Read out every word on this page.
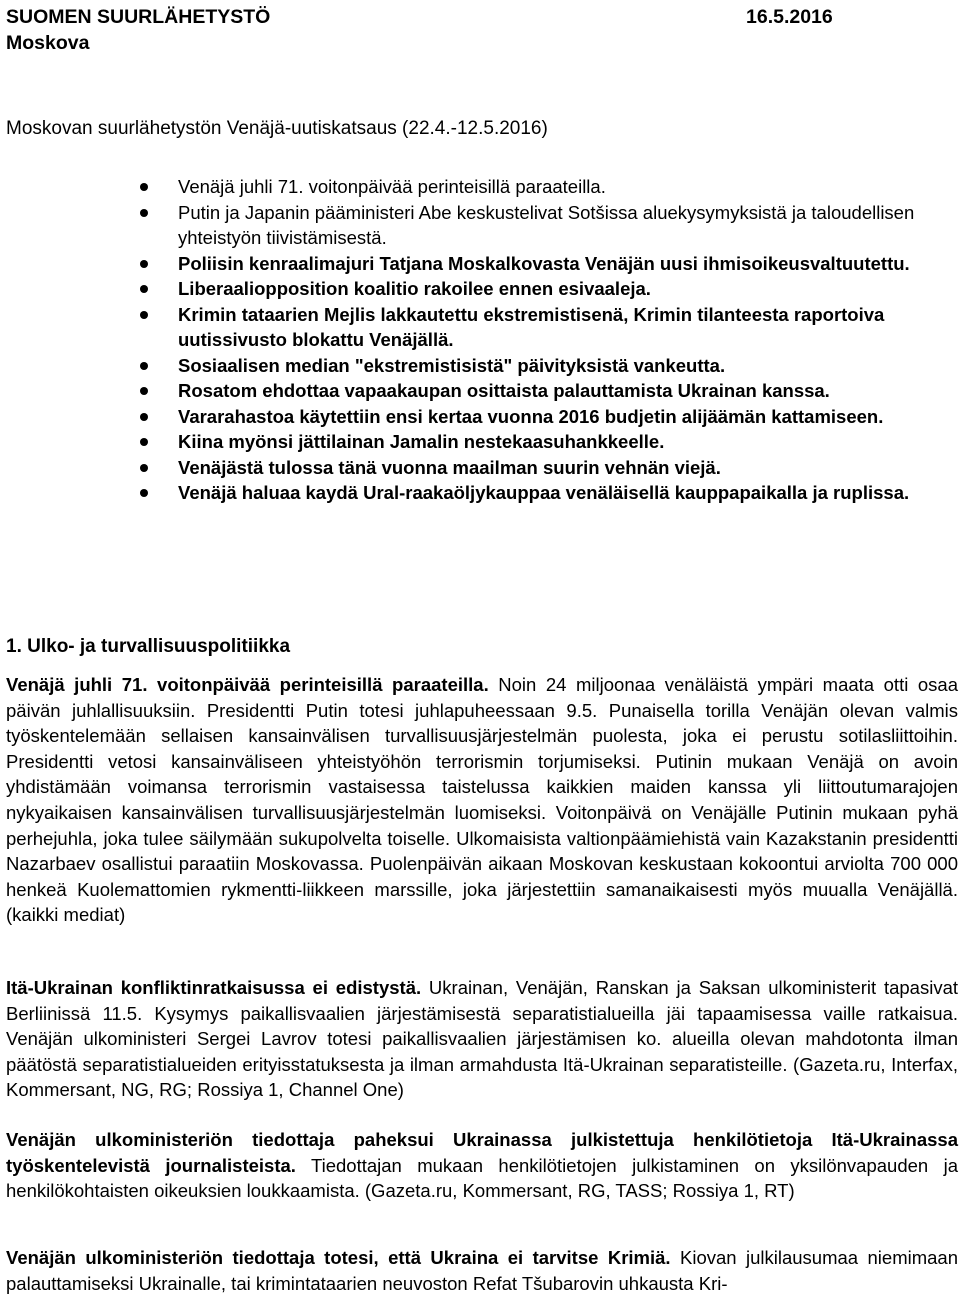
SUOMEN SUURLÄHETYSTÖ	16.5.2016
Moskova
Moskovan suurlähetystön Venäjä-uutiskatsaus (22.4.-12.5.2016)
Venäjä juhli 71. voitonpäivää perinteisillä paraateilla.
Putin ja Japanin pääministeri Abe keskustelivat Sotšissa aluekysymyksistä ja taloudellisen yhteistyön tiivistämisestä.
Poliisin kenraalimajuri Tatjana Moskalkovasta Venäjän uusi ihmisoikeusvaltuutettu.
Liberaaliopposition koalitio rakoilee ennen esivaaleja.
Krimin tataarien Mejlis lakkautettu ekstremistisenä, Krimin tilanteesta raportoiva uutissivusto blokattu Venäjällä.
Sosiaalisen median "ekstremistisistä" päivityksistä vankeutta.
Rosatom ehdottaa vapaakaupan osittaista palauttamista Ukrainan kanssa.
Vararahastoa käytettiin ensi kertaa vuonna 2016 budjetin alijäämän kattamiseen.
Kiina myönsi jättilainan Jamalin nestekaasuhankkeelle.
Venäjästä tulossa tänä vuonna maailman suurin vehnän viejä.
Venäjä haluaa kaydä Ural-raakaöljykauppaa venäläisellä kauppapaikalla ja ruplissa.
1. Ulko- ja turvallisuuspolitiikka

Venäjä juhli 71. voitonpäivää perinteisillä paraateilla. Noin 24 miljoonaa venäläistä ympäri maata otti osaa päivän juhlallisuuksiin. Presidentti Putin totesi juhlapuheessaan 9.5. Punaisella torilla Venäjän olevan valmis työskentelemään sellaisen kansainvälisen turvallisuusjärjestelmän puolesta, joka ei perustu sotilasliittoihin. Presidentti vetosi kansainväliseen yhteistyöhön terrorismin torjumiseksi. Putinin mukaan Venäjä on avoin yhdistämään voimansa terrorismin vastaisessa taistelussa kaikkien maiden kanssa yli liittoutumarajojen nykyaikaisen kansainvälisen turvallisuusjärjestelmän luomiseksi. Voitonpäivä on Venäjälle Putinin mukaan pyhä perhejuhla, joka tulee säilymään sukupolvelta toiselle. Ulkomaisista valtionpäämiehistä vain Kazakstanin presidentti Nazarbaev osallistui paraatiin Moskovassa. Puolenpäivän aikaan Moskovan keskustaan kokoontui arviolta 700 000 henkeä Kuolemattomien rykmentti-liikkeen marssille, joka järjestettiin samanaikaisesti myös muualla Venäjällä. (kaikki mediat)

Itä-Ukrainan konfliktinratkaisussa ei edistystä. Ukrainan, Venäjän, Ranskan ja Saksan ulkoministerit tapasivat Berliinissä 11.5. Kysymys paikallisvaalien järjestämisestä separatistialueilla jäi tapaamisessa vaille ratkaisua. Venäjän ulkoministeri Sergei Lavrov totesi paikallisvaalien järjestämisen ko. alueilla olevan mahdotonta ilman päätöstä separatistialueiden erityisstatuksesta ja ilman armahdusta Itä-Ukrainan separatisteille. (Gazeta.ru, Interfax, Kommersant, NG, RG; Rossiya 1, Channel One)

Venäjän ulkoministeriön tiedottaja paheksui Ukrainassa julkistettuja henkilötietoja Itä-Ukrainassa työskentelevistä journalisteista. Tiedottajan mukaan henkilötietojen julkistaminen on yksilönvapauden ja henkilökohtaisten oikeuksien loukkaamista. (Gazeta.ru, Kommersant, RG, TASS; Rossiya 1, RT)

Venäjän ulkoministeriön tiedottaja totesi, että Ukraina ei tarvitse Krimiä. Kiovan julkilausumaa niemimaan palauttamiseksi Ukrainalle, tai krimintataarien neuvoston Refat Tšubarovin uhkausta Kri-
